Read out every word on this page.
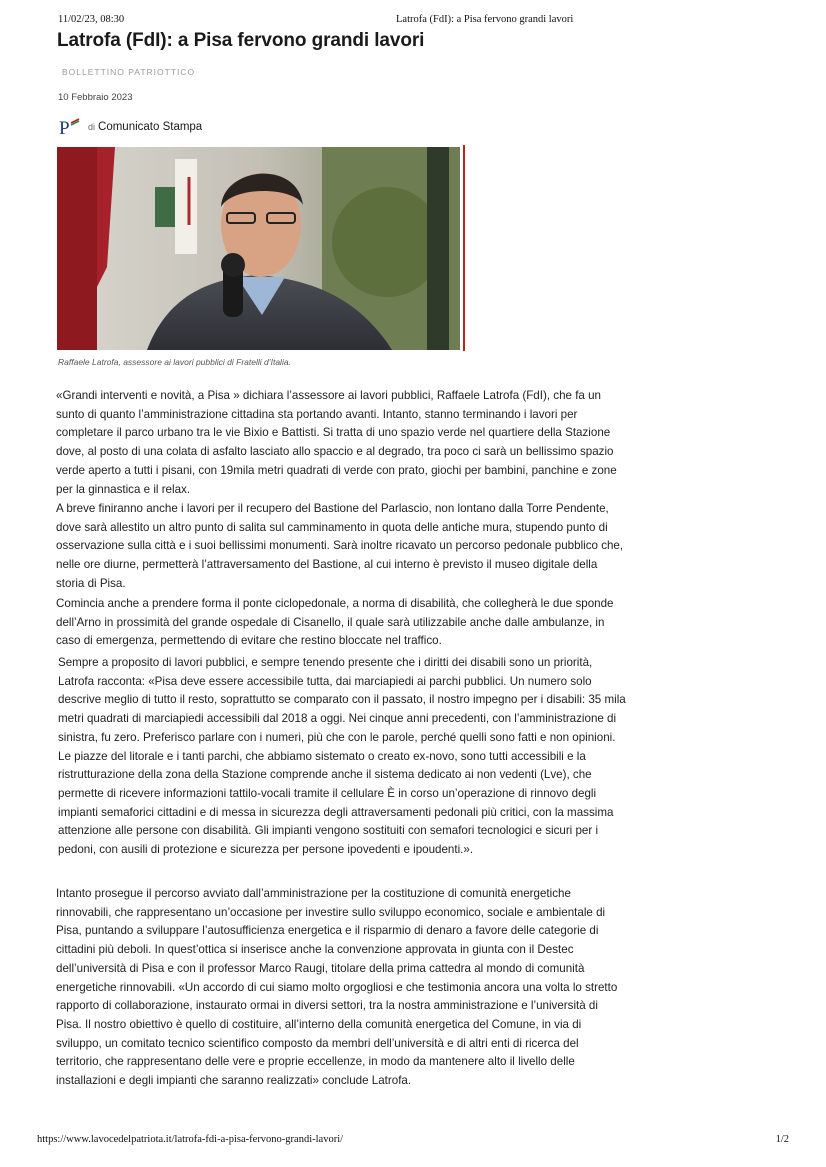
11/02/23, 08:30	Latrofa (FdI): a Pisa fervono grandi lavori
Latrofa (FdI): a Pisa fervono grandi lavori
BOLLETTINO PATRIOTTICO
10 Febbraio 2023
P di Comunicato Stampa
Raffaele Latrofa, assessore ai lavori pubblici di Fratelli d’Italia.

«Grandi interventi e novità, a Pisa » dichiara l’assessore ai lavori pubblici, Raffaele Latrofa (FdI), che fa un sunto di quanto l’amministrazione cittadina sta portando avanti. Intanto, stanno terminando i lavori per completare il parco urbano tra le vie Bixio e Battisti. Si tratta di uno spazio verde nel quartiere della Stazione dove, al posto di una colata di asfalto lasciato allo spaccio e al degrado, tra poco ci sarà un bellissimo spazio verde aperto a tutti i pisani, con 19mila metri quadrati di verde con prato, giochi per bambini, panchine e zone per la ginnastica e il relax.

A breve finiranno anche i lavori per il recupero del Bastione del Parlascio, non lontano dalla Torre Pendente, dove sarà allestito un altro punto di salita sul camminamento in quota delle antiche mura, stupendo punto di osservazione sulla città e i suoi bellissimi monumenti. Sarà inoltre ricavato un percorso pedonale pubblico che, nelle ore diurne, permetterà l’attraversamento del Bastione, al cui interno è previsto il museo digitale della storia di Pisa.

Comincia anche a prendere forma il ponte ciclopedonale, a norma di disabilità, che collegherà le due sponde dell’Arno in prossimità del grande ospedale di Cisanello, il quale sarà utilizzabile anche dalle ambulanze, in caso di emergenza, permettendo di evitare che restino bloccate nel traffico.

Sempre a proposito di lavori pubblici, e sempre tenendo presente che i diritti dei disabili sono un priorità, Latrofa racconta: «Pisa deve essere accessibile tutta, dai marciapiedi ai parchi pubblici. Un numero solo descrive meglio di tutto il resto, soprattutto se comparato con il passato, il nostro impegno per i disabili: 35 mila metri quadrati di marciapiedi accessibili dal 2018 a oggi. Nei cinque anni precedenti, con l’amministrazione di sinistra, fu zero. Preferisco parlare con i numeri, più che con le parole, perché quelli sono fatti e non opinioni. Le piazze del litorale e i tanti parchi, che abbiamo sistemato o creato ex-novo, sono tutti accessibili e la ristrutturazione della zona della Stazione comprende anche il sistema dedicato ai non vedenti (Lve), che permette di ricevere informazioni tattilo-vocali tramite il cellulare È in corso un’operazione di rinnovo degli impianti semaforici cittadini e di messa in sicurezza degli attraversamenti pedonali più critici, con la massima attenzione alle persone con disabilità. Gli impianti vengono sostituiti con semafori tecnologici e sicuri per i pedoni, con ausili di protezione e sicurezza per persone ipovedenti e ipoudenti.».

Intanto prosegue il percorso avviato dall’amministrazione per la costituzione di comunità energetiche rinnovabili, che rappresentano un’occasione per investire sullo sviluppo economico, sociale e ambientale di Pisa, puntando a sviluppare l’autosufficienza energetica e il risparmio di denaro a favore delle categorie di cittadini più deboli. In quest’ottica si inserisce anche la convenzione approvata in giunta con il Destec dell’università di Pisa e con il professor Marco Raugi, titolare della prima cattedra al mondo di comunità energetiche rinnovabili. «Un accordo di cui siamo molto orgogliosi e che testimonia ancora una volta lo stretto rapporto di collaborazione, instaurato ormai in diversi settori, tra la nostra amministrazione e l’università di Pisa. Il nostro obiettivo è quello di costituire, all’interno della comunità energetica del Comune, in via di sviluppo, un comitato tecnico scientifico composto da membri dell’università e di altri enti di ricerca del territorio, che rappresentano delle vere e proprie eccellenze, in modo da mantenere alto il livello delle installazioni e degli impianti che saranno realizzati» conclude Latrofa.

https://www.lavocedelpatriota.it/latrofa-fdi-a-pisa-fervono-grandi-lavori/	1/2
